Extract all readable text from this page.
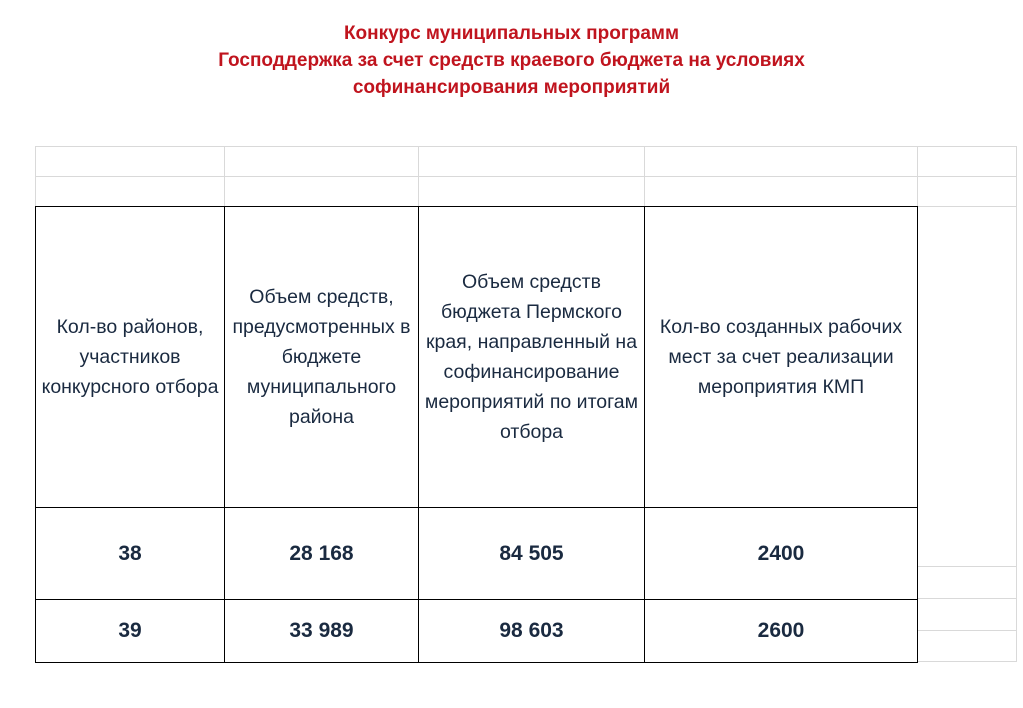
Конкурс муниципальных программ
Господдержка за счет средств краевого бюджета на условиях
софинансирования мероприятий
Кол-во районов, участников конкурсного отбора	Объем средств, предусмотренных в бюджете муниципального района	Объем средств бюджета Пермского края, направленный на софинансирование мероприятий по итогам отбора	Кол-во созданных рабочих мест за счет реализации мероприятия КМП
38	28 168	84 505	2400
39	33 989	98 603	2600
